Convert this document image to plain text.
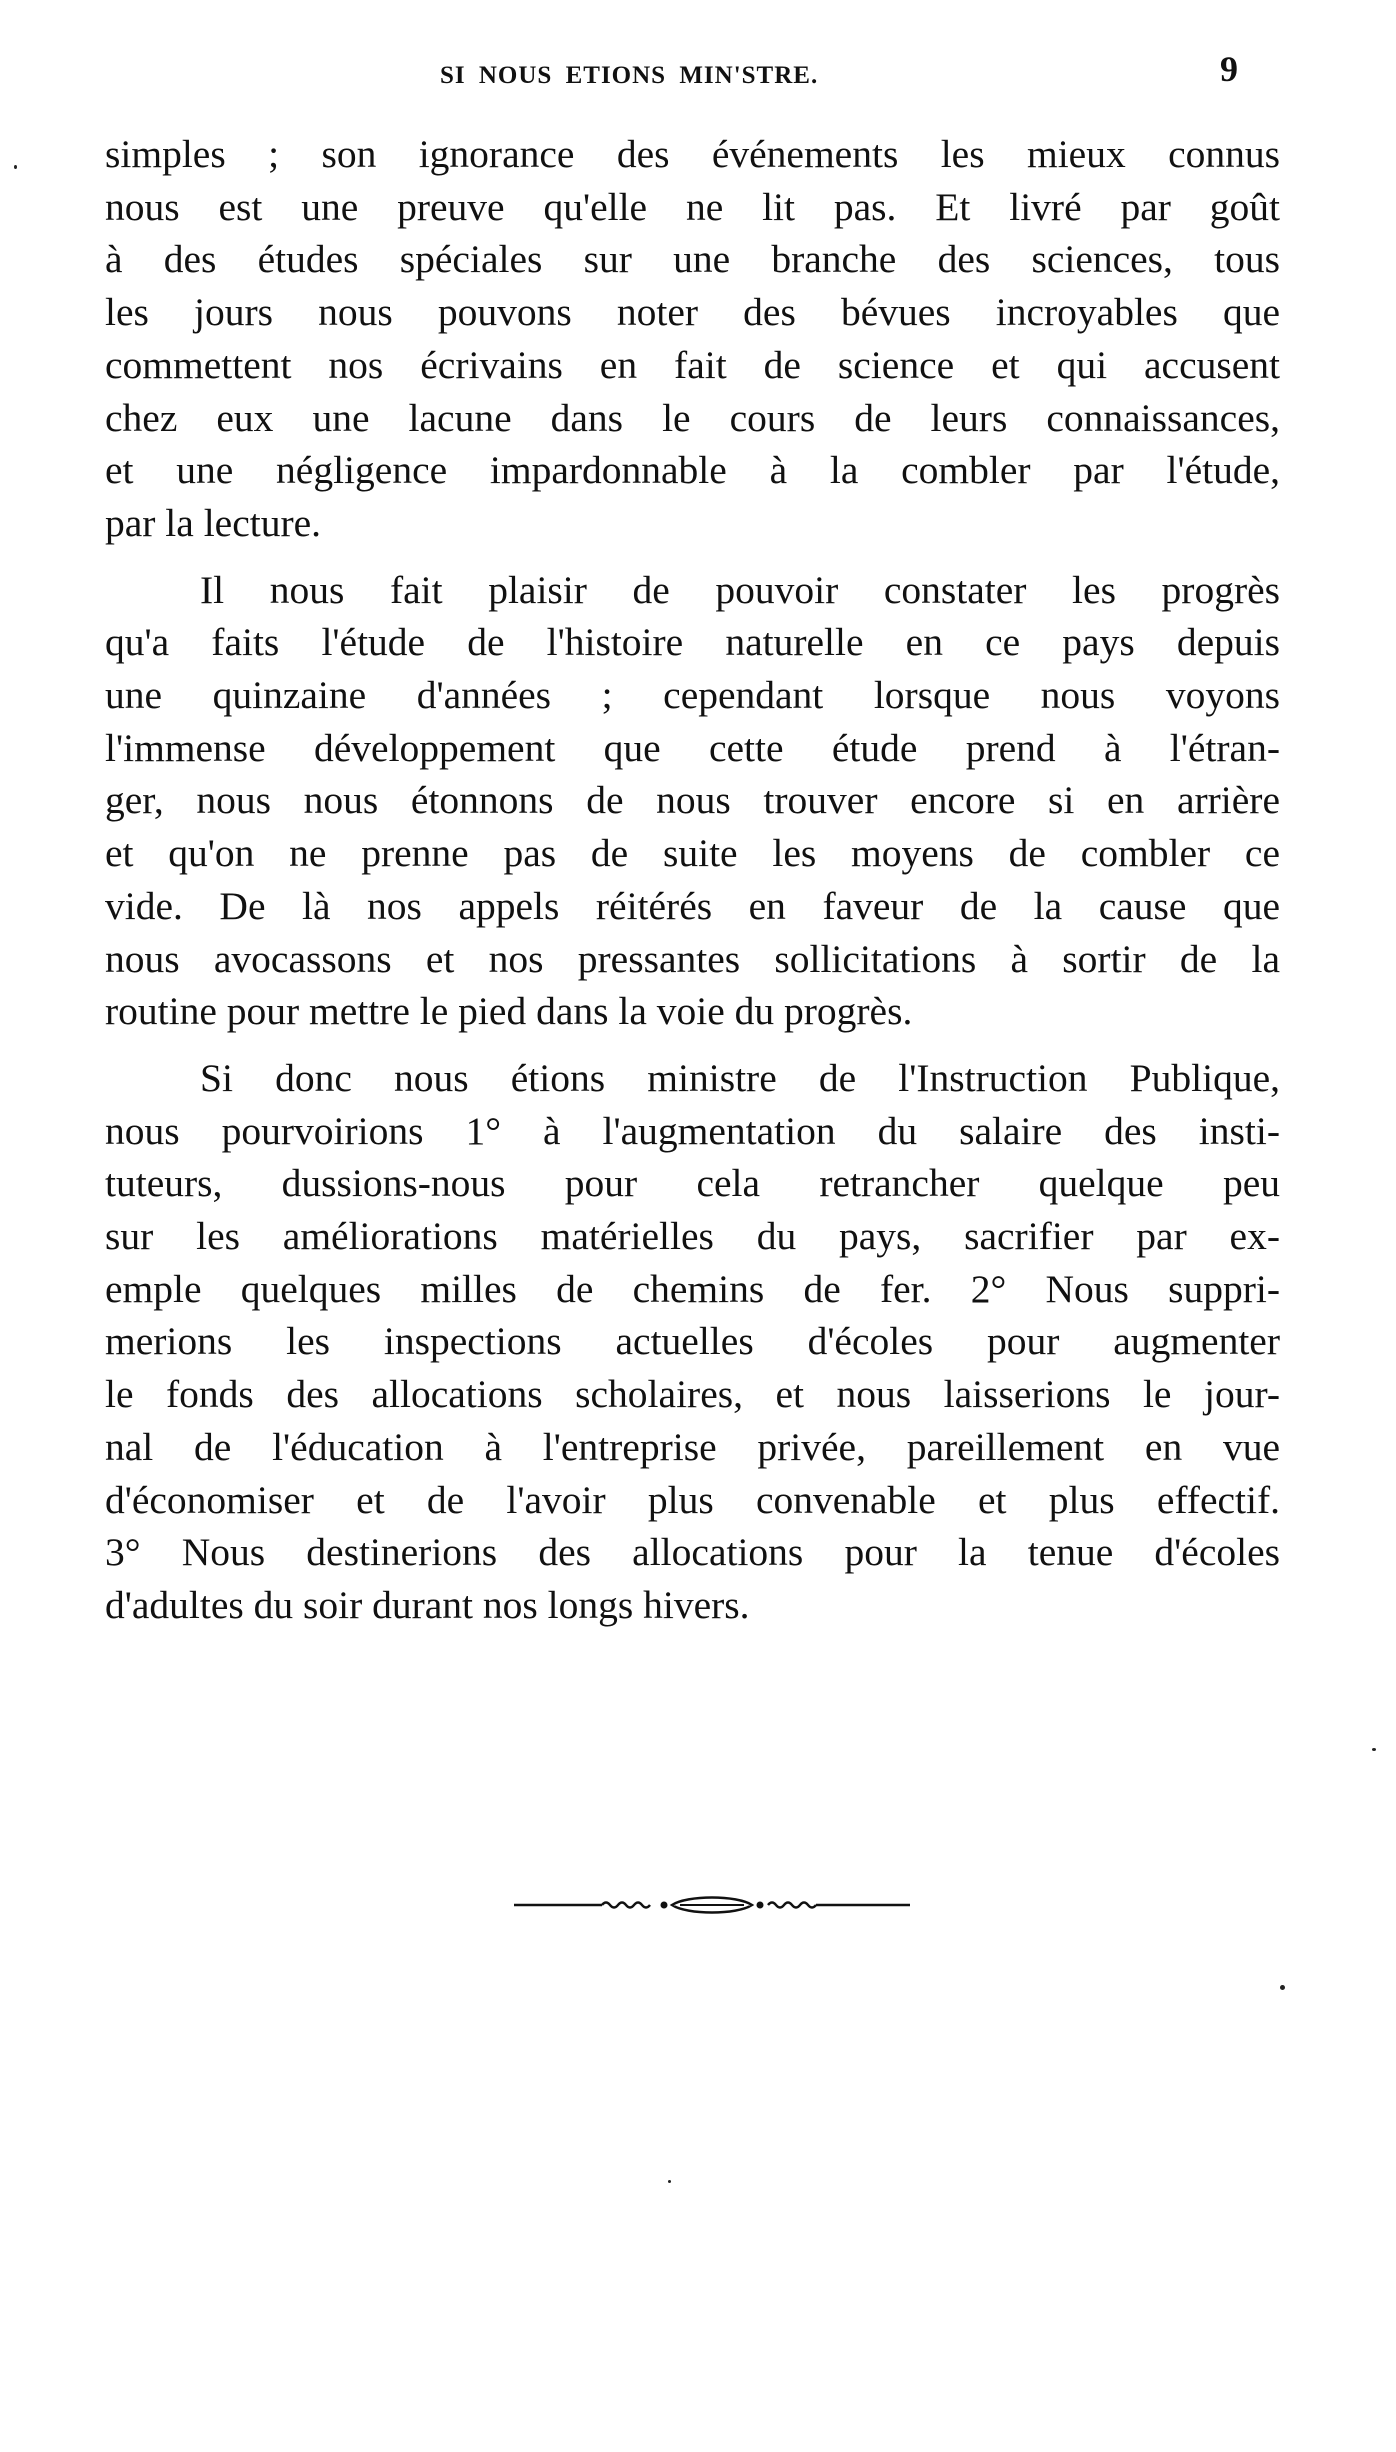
SI NOUS ETIONS MIN'STRE.	9
simples ; son ignorance des événements les mieux connus
nous est une preuve qu'elle ne lit pas. Et livré par goût
à des études spéciales sur une branche des sciences, tous
les jours nous pouvons noter des bévues incroyables que
commettent nos écrivains en fait de science et qui accusent
chez eux une lacune dans le cours de leurs connaissances,
et une négligence impardonnable à la combler par l'étude,
par la lecture.
Il nous fait plaisir de pouvoir constater les progrès
qu'a faits l'étude de l'histoire naturelle en ce pays depuis
une quinzaine d'années ; cependant lorsque nous voyons
l'immense développement que cette étude prend à l'étran-
ger, nous nous étonnons de nous trouver encore si en arrière
et qu'on ne prenne pas de suite les moyens de combler ce
vide. De là nos appels réitérés en faveur de la cause que
nous avocassons et nos pressantes sollicitations à sortir de la
routine pour mettre le pied dans la voie du progrès.
Si donc nous étions ministre de l'Instruction Publique,
nous pourvoirions 1° à l'augmentation du salaire des insti-
tuteurs, dussions-nous pour cela retrancher quelque peu
sur les améliorations matérielles du pays, sacrifier par ex-
emple quelques milles de chemins de fer. 2° Nous suppri-
merions les inspections actuelles d'écoles pour augmenter
le fonds des allocations scholaires, et nous laisserions le jour-
nal de l'éducation à l'entreprise privée, pareillement en vue
d'économiser et de l'avoir plus convenable et plus effectif.
3° Nous destinerions des allocations pour la tenue d'écoles
d'adultes du soir durant nos longs hivers.
